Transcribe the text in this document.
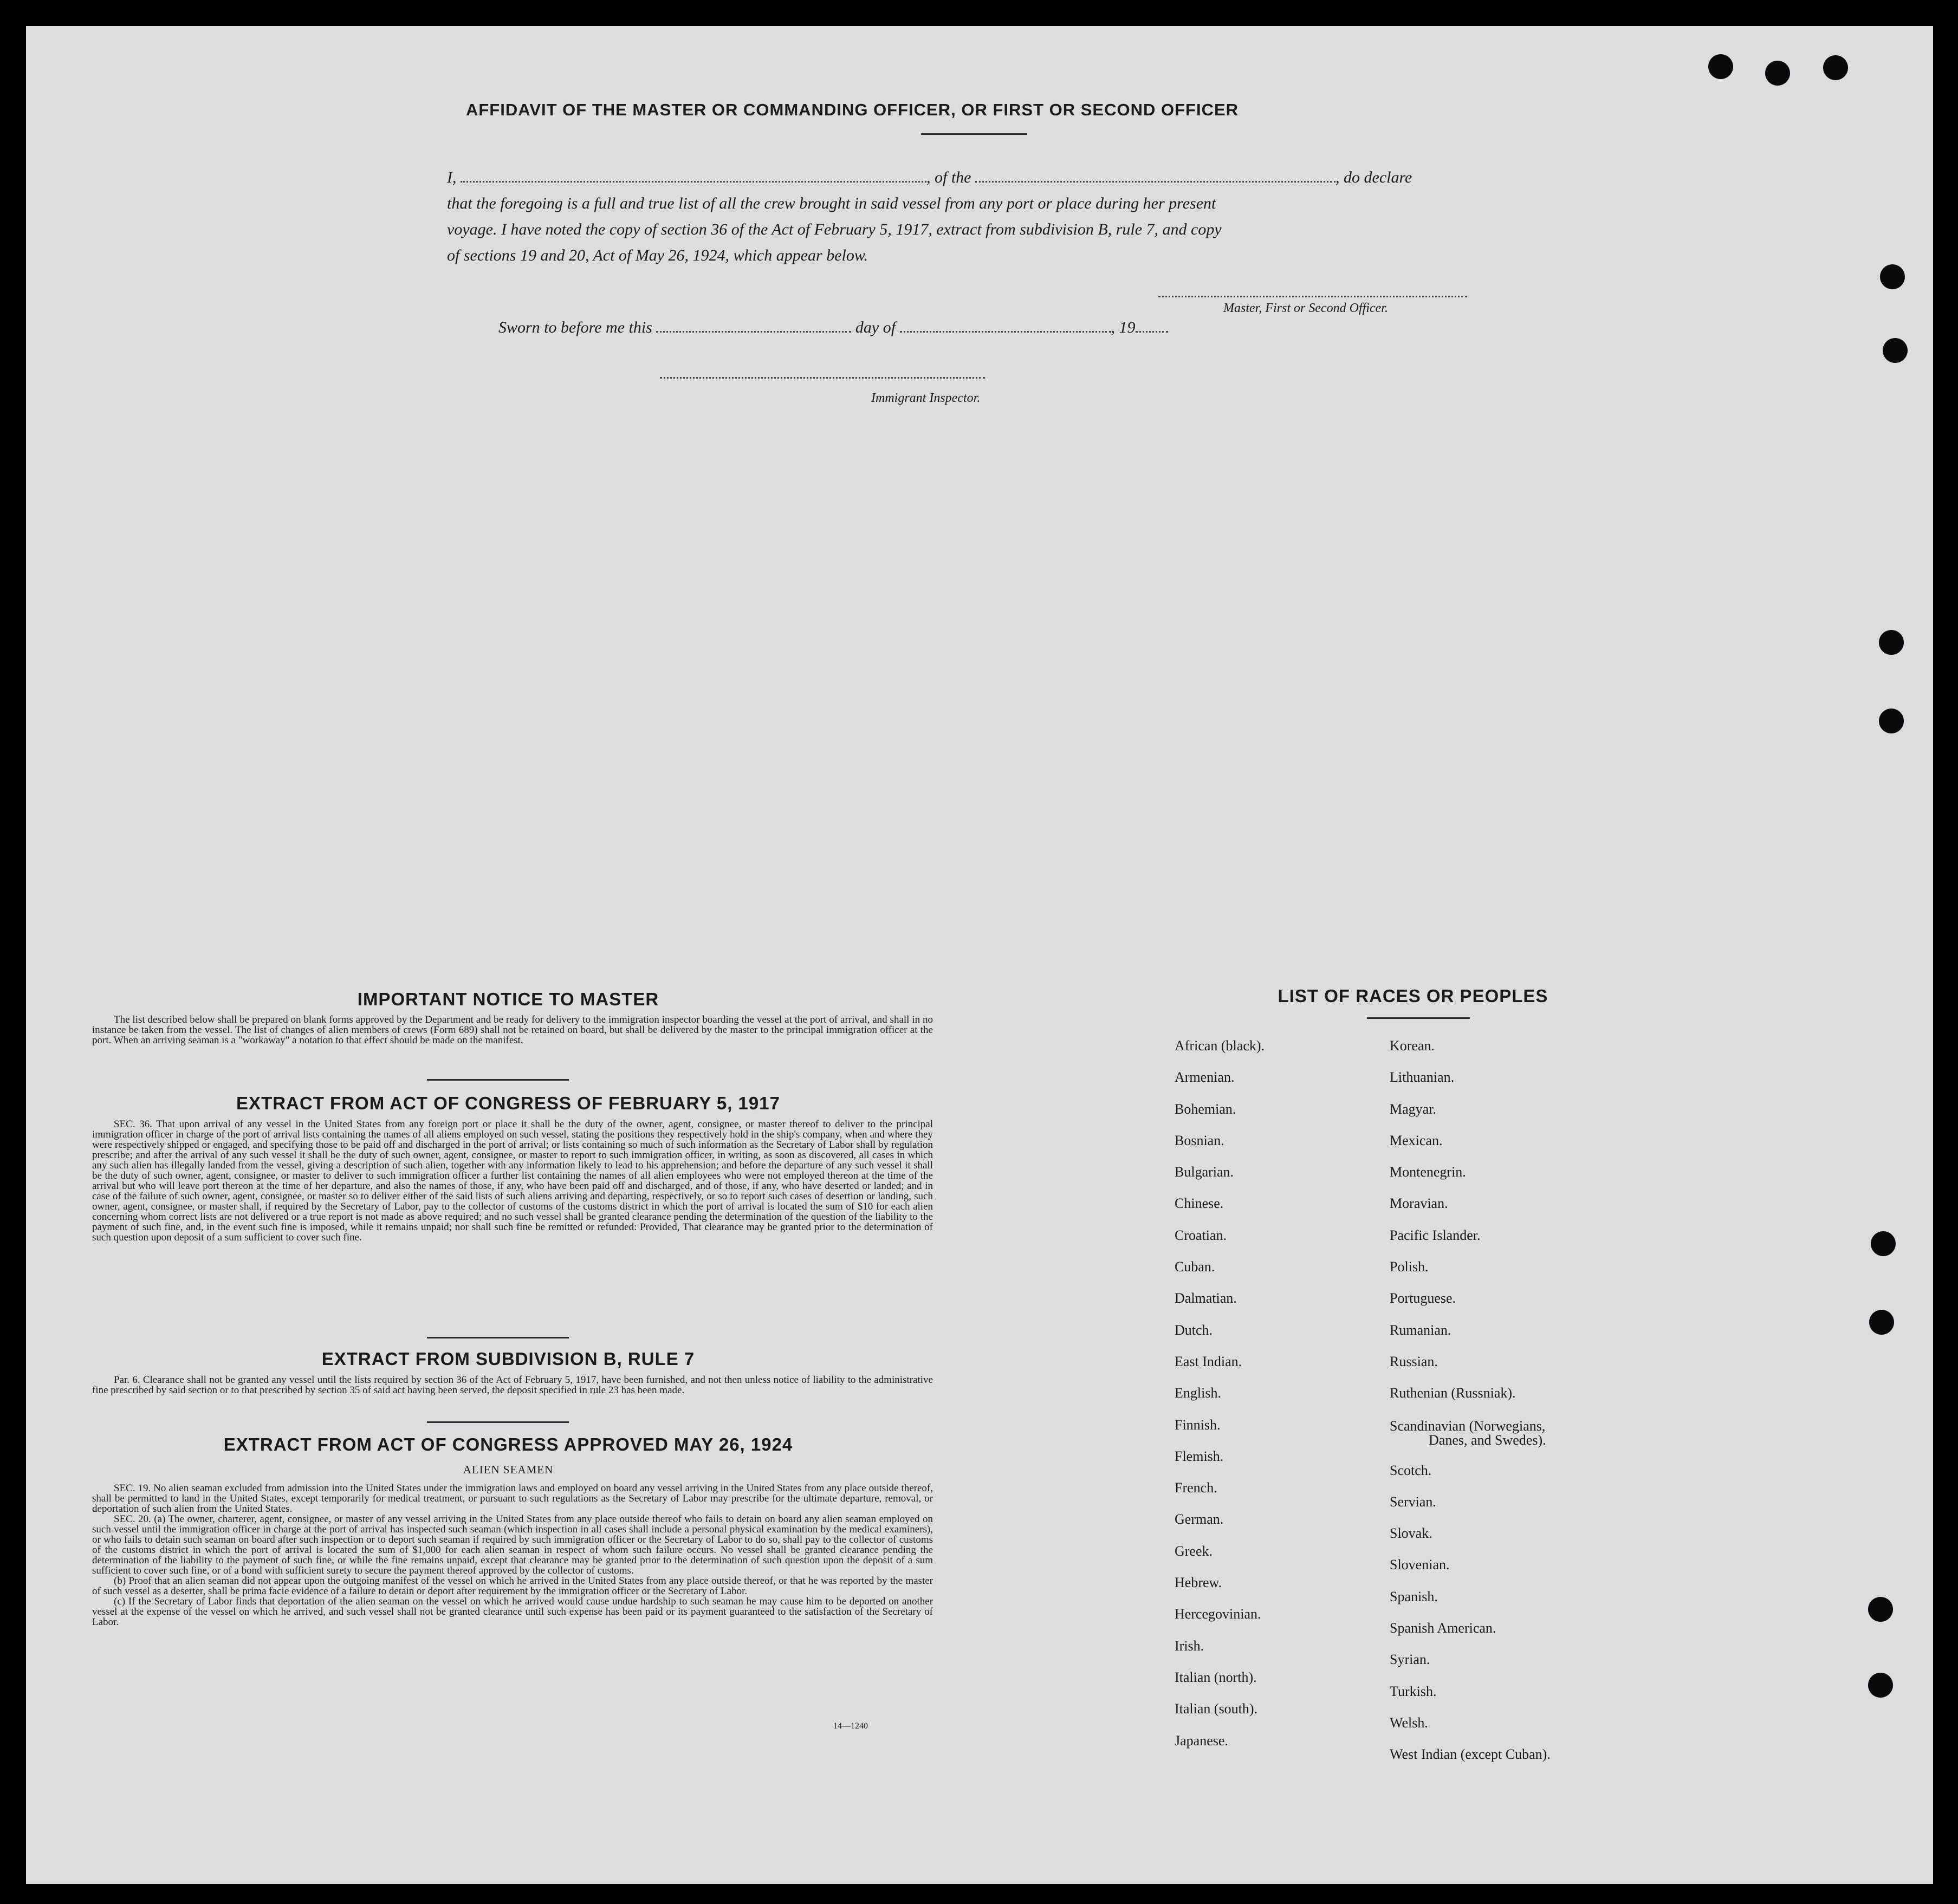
AFFIDAVIT OF THE MASTER OR COMMANDING OFFICER, OR FIRST OR SECOND OFFICER
I,	, of the	, do declare
that the foregoing is a full and true list of all the crew brought in said vessel from any port or place during her present
voyage. I have noted the copy of section 36 of the Act of February 5, 1917, extract from subdivision B, rule 7, and copy
of sections 19 and 20, Act of May 26, 1924, which appear below.
Master, First or Second Officer.
Sworn to before me this	day of	, 19
Immigrant Inspector.
IMPORTANT NOTICE TO MASTER

The list described below shall be prepared on blank forms approved by the Department and be ready for delivery to the immigration inspector boarding the vessel at the port of arrival, and shall in no instance be taken from the vessel. The list of changes of alien members of crews (Form 689) shall not be retained on board, but shall be delivered by the master to the principal immigration officer at the port. When an arriving seaman is a "workaway" a notation to that effect should be made on the manifest.

EXTRACT FROM ACT OF CONGRESS OF FEBRUARY 5, 1917

SEC. 36. That upon arrival of any vessel in the United States from any foreign port or place it shall be the duty of the owner, agent, consignee, or master thereof to deliver to the principal immigration officer in charge of the port of arrival lists containing the names of all aliens employed on such vessel, stating the positions they respectively hold in the ship's company, when and where they were respectively shipped or engaged, and specifying those to be paid off and discharged in the port of arrival; or lists containing so much of such information as the Secretary of Labor shall by regulation prescribe; and after the arrival of any such vessel it shall be the duty of such owner, agent, consignee, or master to report to such immigration officer, in writing, as soon as discovered, all cases in which any such alien has illegally landed from the vessel, giving a description of such alien, together with any information likely to lead to his apprehension; and before the departure of any such vessel it shall be the duty of such owner, agent, consignee, or master to deliver to such immigration officer a further list containing the names of all alien employees who were not employed thereon at the time of the arrival but who will leave port thereon at the time of her departure, and also the names of those, if any, who have been paid off and discharged, and of those, if any, who have deserted or landed; and in case of the failure of such owner, agent, consignee, or master so to deliver either of the said lists of such aliens arriving and departing, respectively, or so to report such cases of desertion or landing, such owner, agent, consignee, or master shall, if required by the Secretary of Labor, pay to the collector of customs of the customs district in which the port of arrival is located the sum of $10 for each alien concerning whom correct lists are not delivered or a true report is not made as above required; and no such vessel shall be granted clearance pending the determination of the question of the liability to the payment of such fine, and, in the event such fine is imposed, while it remains unpaid; nor shall such fine be remitted or refunded: Provided, That clearance may be granted prior to the determination of such question upon deposit of a sum sufficient to cover such fine.

EXTRACT FROM SUBDIVISION B, RULE 7

Par. 6. Clearance shall not be granted any vessel until the lists required by section 36 of the Act of February 5, 1917, have been furnished, and not then unless notice of liability to the administrative fine prescribed by said section or to that prescribed by section 35 of said act having been served, the deposit specified in rule 23 has been made.

EXTRACT FROM ACT OF CONGRESS APPROVED MAY 26, 1924
ALIEN SEAMEN

SEC. 19. No alien seaman excluded from admission into the United States under the immigration laws and employed on board any vessel arriving in the United States from any place outside thereof, shall be permitted to land in the United States, except temporarily for medical treatment, or pursuant to such regulations as the Secretary of Labor may prescribe for the ultimate departure, removal, or deportation of such alien from the United States.

SEC. 20. (a) The owner, charterer, agent, consignee, or master of any vessel arriving in the United States from any place outside thereof who fails to detain on board any alien seaman employed on such vessel until the immigration officer in charge at the port of arrival has inspected such seaman (which inspection in all cases shall include a personal physical examination by the medical examiners), or who fails to detain such seaman on board after such inspection or to deport such seaman if required by such immigration officer or the Secretary of Labor to do so, shall pay to the collector of customs of the customs district in which the port of arrival is located the sum of $1,000 for each alien seaman in respect of whom such failure occurs. No vessel shall be granted clearance pending the determination of the liability to the payment of such fine, or while the fine remains unpaid, except that clearance may be granted prior to the determination of such question upon the deposit of a sum sufficient to cover such fine, or of a bond with sufficient surety to secure the payment thereof approved by the collector of customs.

(b) Proof that an alien seaman did not appear upon the outgoing manifest of the vessel on which he arrived in the United States from any place outside thereof, or that he was reported by the master of such vessel as a deserter, shall be prima facie evidence of a failure to detain or deport after requirement by the immigration officer or the Secretary of Labor.

(c) If the Secretary of Labor finds that deportation of the alien seaman on the vessel on which he arrived would cause undue hardship to such seaman he may cause him to be deported on another vessel at the expense of the vessel on which he arrived, and such vessel shall not be granted clearance until such expense has been paid or its payment guaranteed to the satisfaction of the Secretary of Labor.

14—1240
LIST OF RACES OR PEOPLES
African (black).
Armenian.
Bohemian.
Bosnian.
Bulgarian.
Chinese.
Croatian.
Cuban.
Dalmatian.
Dutch.
East Indian.
English.
Finnish.
Flemish.
French.
German.
Greek.
Hebrew.
Hercegovinian.
Irish.
Italian (north).
Italian (south).
Japanese.
Korean.
Lithuanian.
Magyar.
Mexican.
Montenegrin.
Moravian.
Pacific Islander.
Polish.
Portuguese.
Rumanian.
Russian.
Ruthenian (Russniak).
Scandinavian (Norwegians,
Danes, and Swedes).
Scotch.
Servian.
Slovak.
Slovenian.
Spanish.
Spanish American.
Syrian.
Turkish.
Welsh.
West Indian (except Cuban).
